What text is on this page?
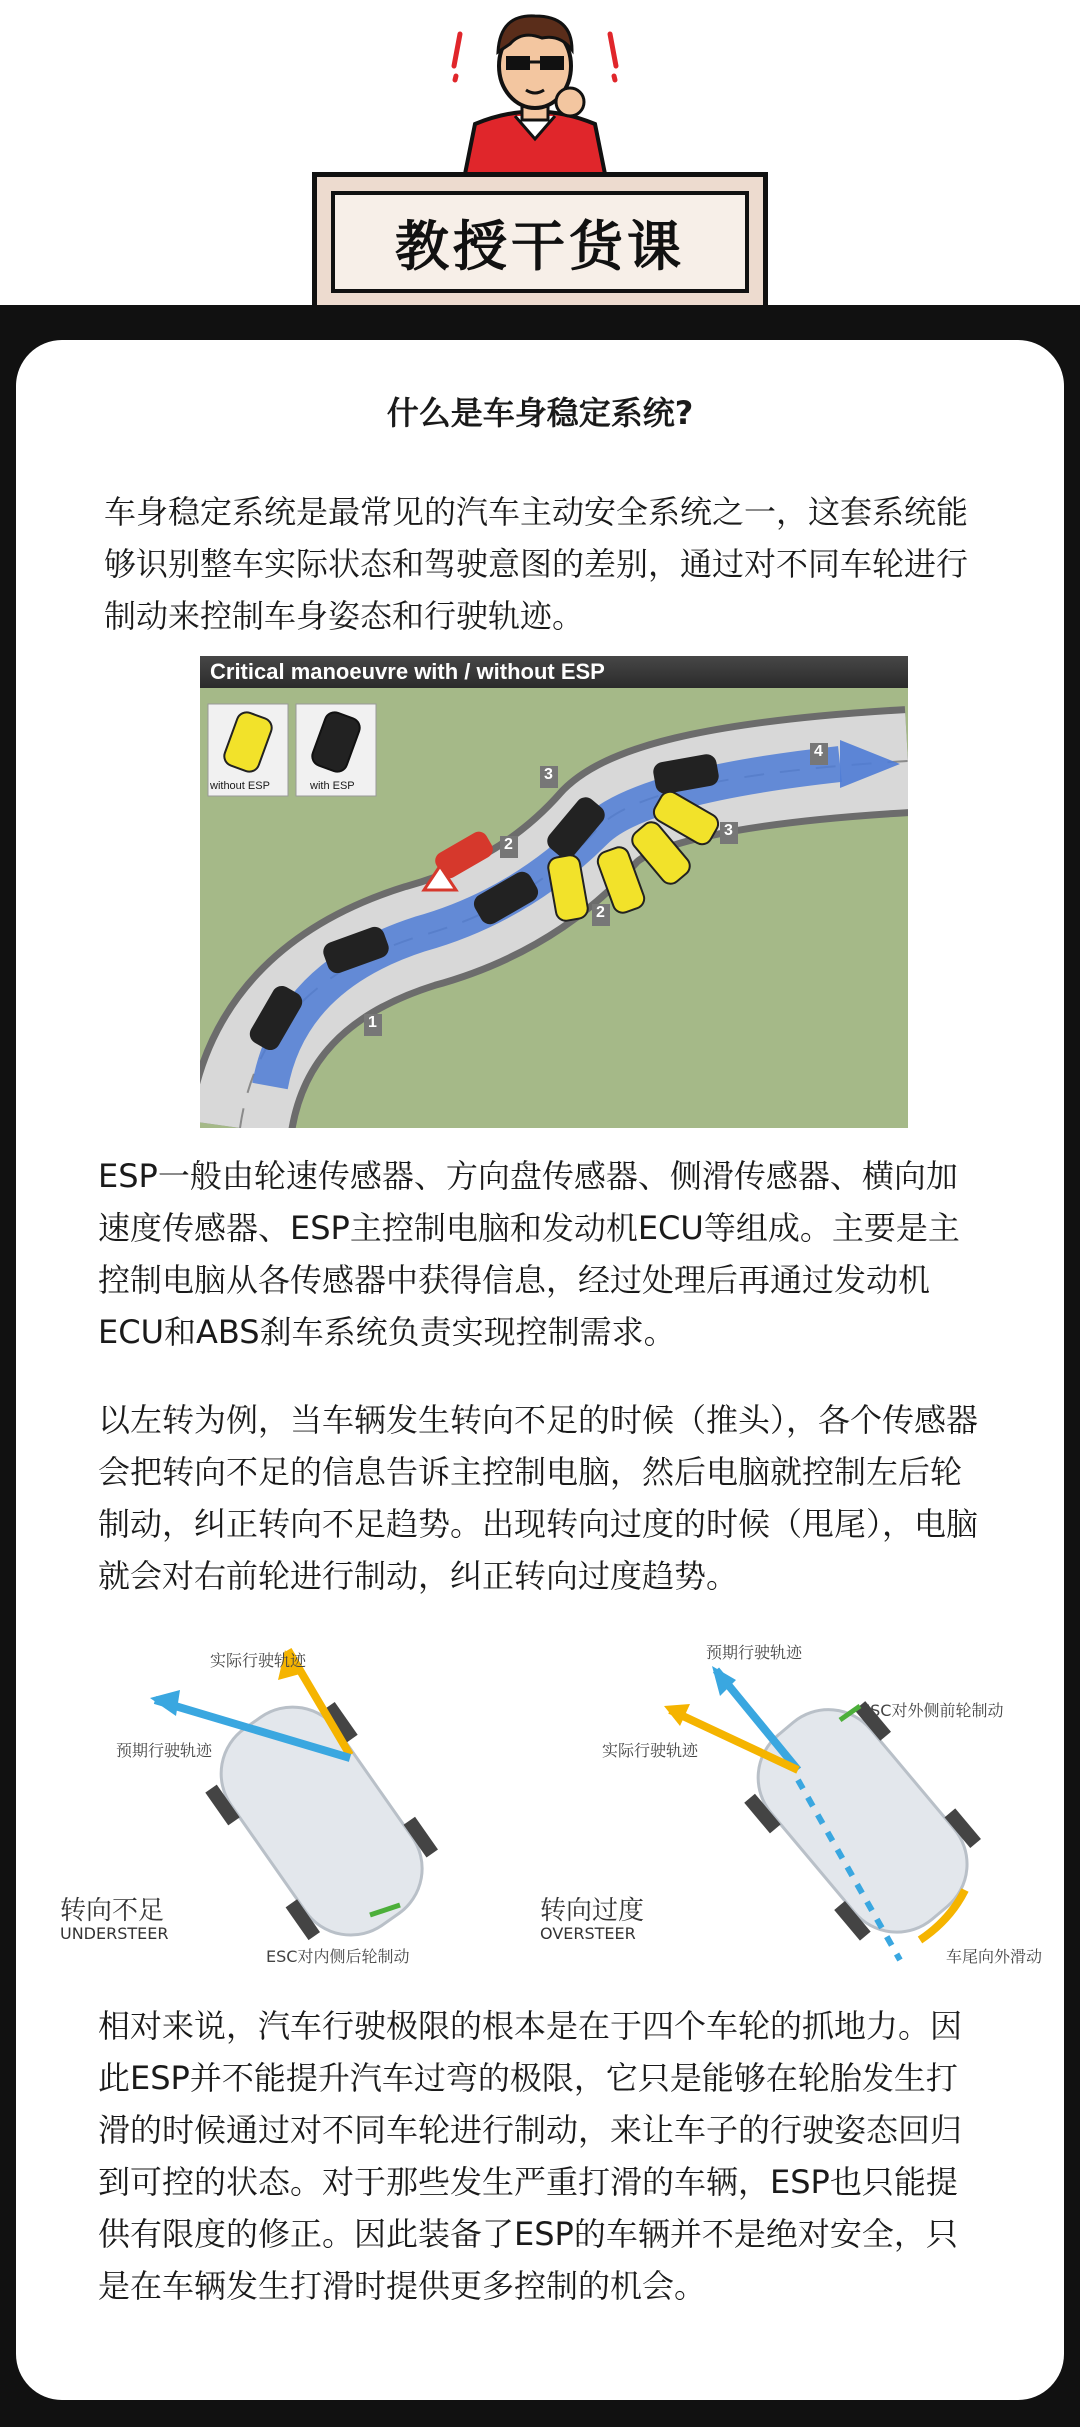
教授干货课
什么是车身稳定系统?
车身稳定系统是最常见的汽车主动安全系统之一，这套系统能够识别整车实际状态和驾驶意图的差别，通过对不同车轮进行制动来控制车身姿态和行驶轨迹。
Critical manoeuvre with / without ESP
without ESP	with ESP
1
2
3
4
2
3
ESP一般由轮速传感器、方向盘传感器、侧滑传感器、横向加速度传感器、ESP主控制电脑和发动机ECU等组成。主要是主控制电脑从各传感器中获得信息，经过处理后再通过发动机ECU和ABS刹车系统负责实现控制需求。
以左转为例，当车辆发生转向不足的时候（推头），各个传感器会把转向不足的信息告诉主控制电脑，然后电脑就控制左后轮制动，纠正转向不足趋势。出现转向过度的时候（甩尾），电脑就会对右前轮进行制动，纠正转向过度趋势。
实际行驶轨迹
预期行驶轨迹
转向不足
UNDERSTEER
ESC对内侧后轮制动
预期行驶轨迹
实际行驶轨迹
ESC对外侧前轮制动
转向过度
OVERSTEER
车尾向外滑动
相对来说，汽车行驶极限的根本是在于四个车轮的抓地力。因此ESP并不能提升汽车过弯的极限，它只是能够在轮胎发生打滑的时候通过对不同车轮进行制动，来让车子的行驶姿态回归到可控的状态。对于那些发生严重打滑的车辆，ESP也只能提供有限度的修正。因此装备了ESP的车辆并不是绝对安全，只是在车辆发生打滑时提供更多控制的机会。
